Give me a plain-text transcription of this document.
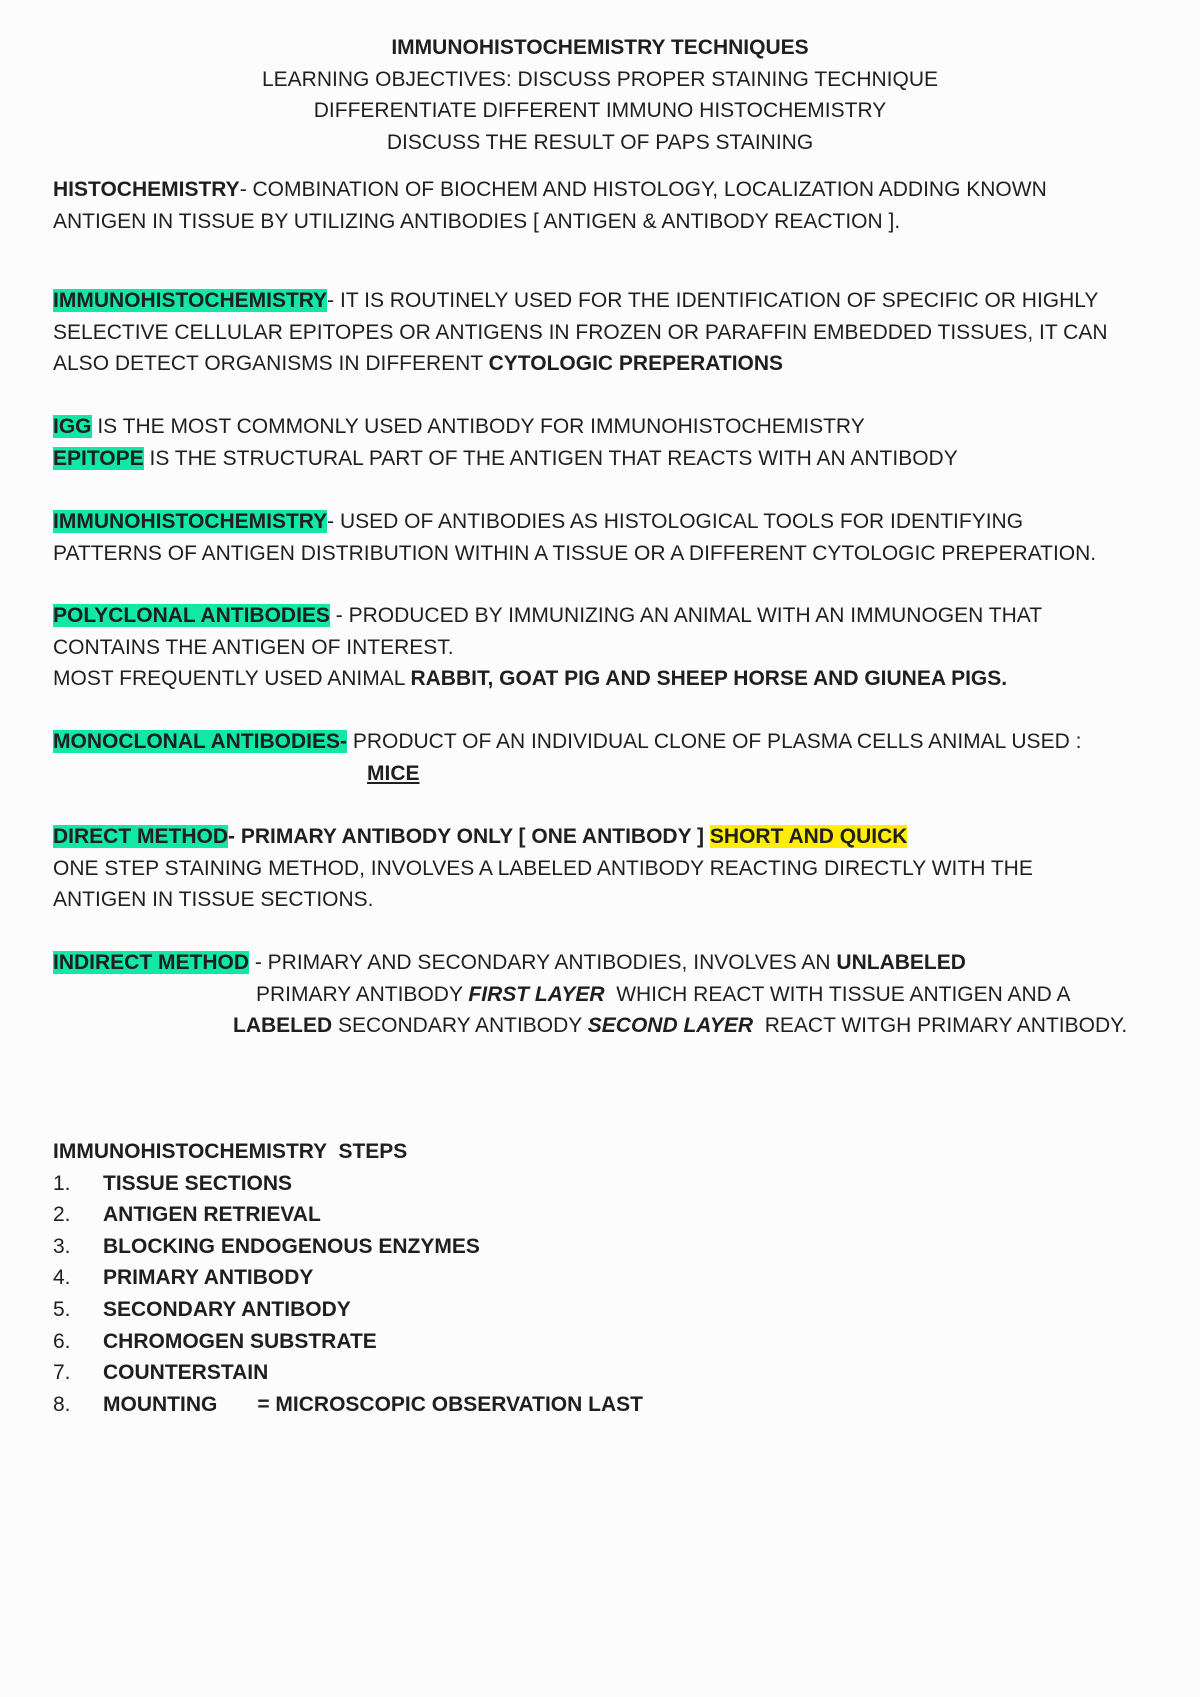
IMMUNOHISTOCHEMISTRY TECHNIQUES
LEARNING OBJECTIVES: DISCUSS PROPER STAINING TECHNIQUE
DIFFERENTIATE DIFFERENT IMMUNO HISTOCHEMISTRY
DISCUSS THE RESULT OF PAPS STAINING
HISTOCHEMISTRY- COMBINATION OF BIOCHEM AND HISTOLOGY, LOCALIZATION ADDING KNOWN
ANTIGEN IN TISSUE BY UTILIZING ANTIBODIES [ ANTIGEN & ANTIBODY REACTION ].
IMMUNOHISTOCHEMISTRY- IT IS ROUTINELY USED FOR THE IDENTIFICATION OF SPECIFIC OR HIGHLY
SELECTIVE CELLULAR EPITOPES OR ANTIGENS IN FROZEN OR PARAFFIN EMBEDDED TISSUES, IT CAN
ALSO DETECT ORGANISMS IN DIFFERENT CYTOLOGIC PREPERATIONS
IGG IS THE MOST COMMONLY USED ANTIBODY FOR IMMUNOHISTOCHEMISTRY
EPITOPE IS THE STRUCTURAL PART OF THE ANTIGEN THAT REACTS WITH AN ANTIBODY
IMMUNOHISTOCHEMISTRY- USED OF ANTIBODIES AS HISTOLOGICAL TOOLS FOR IDENTIFYING
PATTERNS OF ANTIGEN DISTRIBUTION WITHIN A TISSUE OR A DIFFERENT CYTOLOGIC PREPERATION.
POLYCLONAL ANTIBODIES - PRODUCED BY IMMUNIZING AN ANIMAL WITH AN IMMUNOGEN THAT
CONTAINS THE ANTIGEN OF INTEREST.
MOST FREQUENTLY USED ANIMAL RABBIT, GOAT PIG AND SHEEP HORSE AND GIUNEA PIGS.
MONOCLONAL ANTIBODIES- PRODUCT OF AN INDIVIDUAL CLONE OF PLASMA CELLS ANIMAL USED :
MICE
DIRECT METHOD- PRIMARY ANTIBODY ONLY [ ONE ANTIBODY ] SHORT AND QUICK
ONE STEP STAINING METHOD, INVOLVES A LABELED ANTIBODY REACTING DIRECTLY WITH THE
ANTIGEN IN TISSUE SECTIONS.
INDIRECT METHOD - PRIMARY AND SECONDARY ANTIBODIES, INVOLVES AN UNLABELED
PRIMARY ANTIBODY FIRST LAYER  WHICH REACT WITH TISSUE ANTIGEN AND A
LABELED SECONDARY ANTIBODY SECOND LAYER  REACT WITGH PRIMARY ANTIBODY.
IMMUNOHISTOCHEMISTRY  STEPS
1. TISSUE SECTIONS
2. ANTIGEN RETRIEVAL
3. BLOCKING ENDOGENOUS ENZYMES
4. PRIMARY ANTIBODY
5. SECONDARY ANTIBODY
6. CHROMOGEN SUBSTRATE
7. COUNTERSTAIN
8. MOUNTING = MICROSCOPIC OBSERVATION LAST
